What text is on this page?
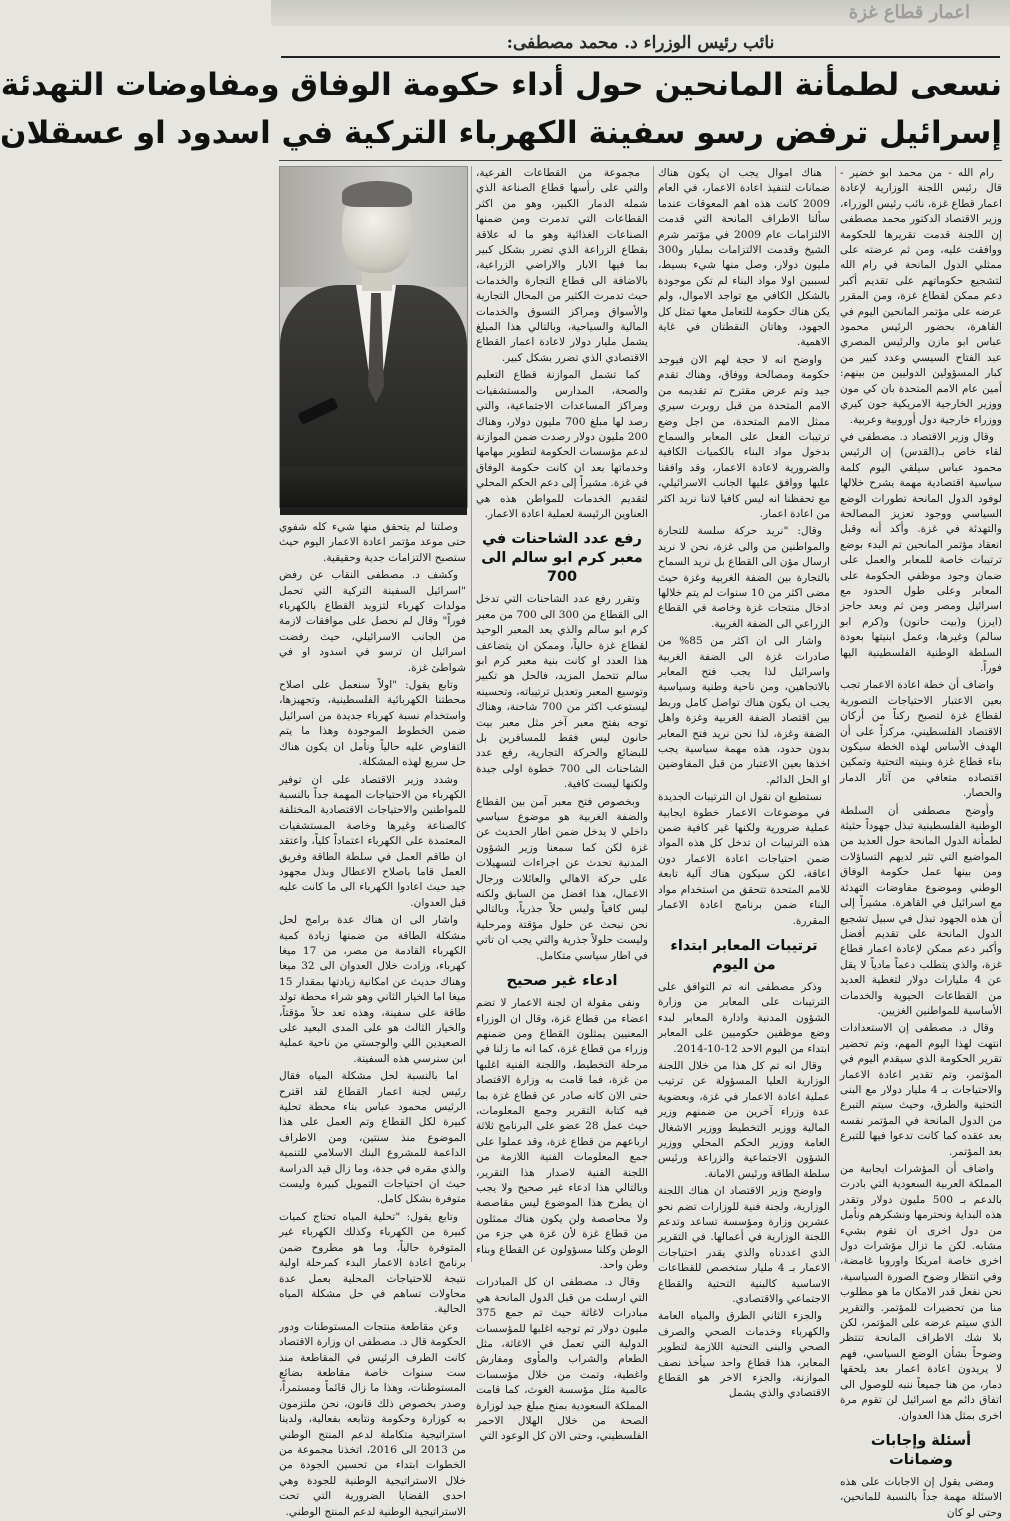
اعمار قطاع غزة
نائب رئيس الوزراء د. محمد مصطفى:
نسعى لطمأنة المانحين حول أداء حكومة الوفاق ومفاوضات التهدئة
إسرائيل ترفض رسو سفينة الكهرباء التركية في اسدود او عسقلان

رام الله - من محمد ابو خضير - قال رئيس اللجنة الوزارية لإعادة اعمار قطاع غزة، نائب رئيس الوزراء، وزير الاقتصاد الدكتور محمد مصطفى إن اللجنة قدمت تقريرها للحكومة ووافقت عليه، ومن ثم عرضته على ممثلي الدول المانحة في رام الله لتشجيع حكوماتهم على تقديم أكبر دعم ممكن لقطاع غزة، ومن المقرر عرضه على مؤتمر المانحين اليوم في القاهرة، بحضور الرئيس محمود عباس ابو مازن والرئيس المصري عبد الفتاح السيسي وعدد كبير من كبار المسؤولين الدوليين من بينهم: أمين عام الامم المتحدة بان كي مون ووزير الخارجية الامريكية جون كيري ووزراء خارجية دول أوروبية وعربية.

وقال وزير الاقتصاد د. مصطفى في لقاء خاص بـ(القدس) إن الرئيس محمود عباس سيلقي اليوم كلمة سياسية اقتصادية مهمة يشرح خلالها لوفود الدول المانحة تطورات الوضع السياسي ووجود تعزيز المصالحة والتهدئة في غزة. وأكد أنه وقبل انعقاد مؤتمر المانحين تم البدء بوضع ترتيبات خاصة للمعابر والعمل على ضمان وجود موظفي الحكومة على المعابر وعلى طول الحدود مع اسرائيل ومصر ومن ثم وبعد حاجز (ايرز) و(بيت حانون) و(كرم ابو سالم) وغيرها، وعمل ابنيتها بعودة السلطة الوطنية الفلسطينية اليها فوراً.

واضاف أن خطة اعادة الاعمار تجب بعين الاعتبار الاحتياجات التصورية لقطاع غزة لتصبح ركناً من أركان الاقتصاد الفلسطيني، مركزاً على أن الهدف الأساس لهذه الخطة سيكون بناء قطاع غزة وبنيته التحتية وتمكين اقتصاده متعافي من آثار الدمار والحصار.

وأوضح مصطفى أن السلطة الوطنية الفلسطينية تبذل جهوداً حثيثة لطمأنة الدول المانحة حول العديد من المواضيع التي تثير لديهم التساؤلات ومن بينها عمل حكومة الوفاق الوطني وموضوع مفاوضات التهدئة مع اسرائيل في القاهرة. مشيراً إلى أن هذه الجهود تبذل في سبيل تشجيع الدول المانحة على تقديم أفضل وأكبر دعم ممكن لإعادة اعمار قطاع غزة، والذي يتطلب دعماً مادياً لا يقل عن 4 مليارات دولار لتغطية العديد من القطاعات الحيوية والخدمات الأساسية للمواطنين الغزيين.

وقال د. مصطفى إن الاستعدادات انتهت لهذا اليوم المهم، وتم تحضير تقرير الحكومة الذي سيقدم اليوم في المؤتمر، وتم تقدير اعادة الاعمار والاحتياجات بـ 4 مليار دولار مع البنى التحتية والطرق، وحيث سيتم التبرع من الدول المانحة في المؤتمر نفسه بعد عقده كما كانت تدعوا فيها للتبرع بعد المؤتمر.

واضاف أن المؤشرات ايجابية من المملكة العربية السعودية التي بادرت بالدعم بـ 500 مليون دولار وتقدر هذه البداية ونحترمها ونشكرهم ونأمل من دول اخرى ان تقوم بشيء مشابه. لكن ما تزال مؤشرات دول اخرى خاصة امريكا واوروبا غامضة، وفي انتظار وضوح الصورة السياسية، نحن نفعل قدر الامكان ما هو مطلوب منا من تحضيرات للمؤتمر. والتقرير الذي سيتم عرضه على المؤتمر، لكن بلا شك الاطراف المانحة تنتظر وضوحاً بشأن الوضع السياسي، فهم لا يريدون اعادة اعمار بعد يلحقها دمار، من هنا جميعاً ننبه للوصول الى اتفاق دائم مع اسرائيل لن تقوم مرة اخرى بمثل هذا العدوان.

أسئلة وإجابات وضمانات

ومضى يقول إن الاجابات على هذه الاسئلة مهمة جداً بالنسبة للمانحين، وحتى لو كان

هناك اموال يجب ان يكون هناك ضمانات لتنفيذ اعادة الاعمار، في العام 2009 كانت هذه اهم المعوقات عندما سألنا الاطراف المانحة التي قدمت الالتزامات عام 2009 في مؤتمر شرم الشيخ وقدمت الالتزامات بمليار و300 مليون دولار، وصل منها شيء بسيط، لسببين اولا مواد البناء لم تكن موجودة بالشكل الكافي مع تواجد الاموال، ولم يكن هناك حكومة للتعامل معها تمثل كل الجهود، وهاتان النقطتان في غاية الاهمية.

واوضح انه لا حجة لهم الان فيوجد حكومة ومصالحة ووفاق، وهناك تقدم جيد وتم عرض مقترح تم تقديمه من الامم المتحدة من قبل روبرت سيري ممثل الامم المتحدة، من اجل وضع ترتيبات الفعل على المعابر والسماح بدخول مواد البناء بالكميات الكافية والضرورية لاعادة الاعمار، وقد وافقنا عليها ووافق عليها الجانب الاسرائيلي، مع تحفظنا انه ليس كافيا لاننا نريد اكثر من اعادة اعمار.

وقال: "نريد حركة سلسة للتجارة والمواطنين من والى غزة، نحن لا نريد ارسال مؤن الى القطاع بل نريد السماح بالتجارة بين الضفة الغربية وغزة حيث مضى اكثر من 10 سنوات لم يتم خلالها ادخال منتجات غزة وخاصة في القطاع الزراعي الى الضفة الغربية.

واشار الى ان اكثر من 85% من صادرات غزة الى الضفة الغربية واسرائيل لذا يجب فتح المعابر بالاتجاهين، ومن ناحية وطنية وسياسية يجب ان يكون هناك تواصل كامل وربط بين اقتصاد الضفة الغربية وغزة واهل الضفة وغزة، لذا نحن نريد فتح المعابر بدون حدود، هذه مهمة سياسية يجب اخذها بعين الاعتبار من قبل المفاوضين او الحل الدائم.

نستطيع ان نقول ان الترتيبات الجديدة في موضوعات الاعمار خطوة ايجابية عملية ضرورية ولكنها غير كافية ضمن هذه الترتيبات ان تدخل كل هذه المواد ضمن احتياجات اعادة الاعمار دون اعاقة، لكن سيكون هناك آلية تابعة للامم المتحدة تتحقق من استخدام مواد البناء ضمن برنامج اعادة الاعمار المقررة.

ترتيبات المعابر ابتداء من اليوم

وذكر مصطفى انه تم التوافق على الترتيبات على المعابر من وزارة الشؤون المدنية وادارة المعابر لبدء وضع موظفين حكوميين على المعابر ابتداء من اليوم الاحد 12-10-2014.

وقال انه تم كل هذا من خلال اللجنة الوزارية العليا المسؤولة عن ترتيب عملية اعادة الاعمار في غزة، وبعضوية عدة وزراء آخرين من ضمنهم وزير المالية ووزير التخطيط ووزير الاشغال العامة ووزير الحكم المحلي ووزير الشؤون الاجتماعية والزراعة ورئيس سلطة الطاقة ورئيس الامانة.

واوضح وزير الاقتصاد ان هناك اللجنة الوزارية، ولجنة فنية للوزارات تضم نحو عشرين وزارة ومؤسسة تساعد وتدعم اللجنة الوزارية في أعمالها. في التقرير الذي اعددناه والذي يقدر احتياجات الاعمار بـ 4 مليار ستخصص للقطاعات الاساسية كالبنية التحتية والقطاع الاجتماعي والاقتصادي.

والجزء الثاني الطرق والمياه العامة والكهرباء وخدمات الصحي والصرف الصحي والبنى التحتية اللازمة لتطوير المعابر، هذا قطاع واحد سيأخذ نصف الموازنة، والجزء الاخر هو القطاع الاقتصادي والذي يشمل

مجموعة من القطاعات الفرعية، والتي على رأسها قطاع الصناعة الذي شمله الدمار الكبير، وهو من اكثر القطاعات التي تدمرت ومن ضمنها الصناعات الغذائية وهو ما له علاقة بقطاع الزراعة الذي تضرر بشكل كبير بما فيها الابار والاراضي الزراعية، بالاضافة الى قطاع التجارة والخدمات حيث تدمرت الكثير من المحال التجارية والأسواق ومراكز التسوق والخدمات المالية والسياحية، وبالتالي هذا المبلغ يشمل مليار دولار لاعادة اعمار القطاع الاقتصادي الذي تضرر بشكل كبير.

كما تشمل الموازنة قطاع التعليم والصحة، المدارس والمستشفيات ومراكز المساعدات الاجتماعية، والتي رصد لها مبلغ 700 مليون دولار، وهناك 200 مليون دولار رصدت ضمن الموازنة لدعم مؤسسات الحكومة لتطوير مهامها وخدماتها بعد ان كانت حكومة الوفاق في غزة. مشيراً إلى دعم الحكم المحلي لتقديم الخدمات للمواطن هذه هي العناوين الرئيسة لعملية اعادة الاعمار.

رفع عدد الشاحنات في معبر كرم ابو سالم الى 700

وتقرر رفع عدد الشاحنات التي تدخل الى القطاع من 300 الى 700 من معبر كرم ابو سالم والذي يعد المعبر الوحيد لقطاع غزة حالياً، وممكن ان يتضاعف هذا العدد او كانت بنية معبر كرم ابو سالم تتحمل المزيد، فالحل هو تكبير وتوسيع المعبر وتعديل ترتيباته، وتحسينه ليستوعب اكثر من 700 شاحنة، وهناك توجه بفتح معبر آخر مثل معبر بيت حانون ليس فقط للمسافرين بل للبضائع والحركة التجارية، رفع عدد الشاحنات الى 700 خطوة اولى جيدة ولكنها ليست كافية.

وبخصوص فتح معبر آمن بين القطاع والضفة الغربية هو موضوع سياسي داخلي لا يدخل ضمن اطار الحديث عن غزة لكن كما سمعنا وزير الشؤون المدنية تحدث عن اجراءات لتسهيلات على حركة الاهالي والعائلات ورجال الاعمال، هذا افضل من السابق ولكنه ليس كافياً وليس حلاً جذرياً، وبالتالي نحن نبحث عن حلول مؤقتة ومرحلية وليست حلولاً جذرية والتي يجب ان تاتي في اطار سياسي متكامل.

ادعاء غير صحيح

ونفى مقولة ان لجنة الاعمار لا تضم اعضاء من قطاع غزة، وقال ان الوزراء المعنيين يمثلون القطاع ومن ضمنهم وزراء من قطاع غزة، كما انه ما زلنا في مرحلة التخطيط، واللجنة الفنية اغلبها من غزة، فما قامت به وزارة الاقتصاد حتى الان كانه صادر عن قطاع غزة بما فيه كتابة التقرير وجمع المعلومات، حيث عمل 28 عضو على البرنامج ثلاثة ارباعهم من قطاع غزة، وقد عملوا على جمع المعلومات الفنية اللازمة من اللجنة الفنية لاصدار هذا التقرير، وبالتالي هذا ادعاء غير صحيح ولا يجب ان يطرح هذا الموضوع ليس مقاصصة ولا محاصصة ولن يكون هناك ممثلون من قطاع غزة لأن غزة هي جزء من الوطن وكلنا مسؤولون عن القطاع وبناء وطن واحد.

وقال د. مصطفى ان كل المبادرات التي ارسلت من قبل الدول المانحة هي مبادرات لاغاثة حيث تم جمع 375 مليون دولار تم توجيه اغلبها للمؤسسات الدولية التي تعمل في الاغاثة، مثل الطعام والشراب والمأوى ومفارش واغطية، وتمت من خلال مؤسسات عالمية مثل مؤسسة الغوث، كما قامت المملكة السعودية بمنح مبلغ جيد لوزارة الصحة من خلال الهلال الاحمر الفلسطيني، وحتى الان كل الوعود التي

وصلتنا لم يتحقق منها شيء كله شفوي حتى موعد مؤتمر اعادة الاعمار اليوم حيث ستصبح الالتزامات جدية وحقيقية.

وكشف د. مصطفى النقاب عن رفض "اسرائيل السفينة التركية التي تحمل مولدات كهرباء لتزويد القطاع بالكهرباء فوراً" وقال لم نحصل على موافقات لازمة من الجانب الاسرائيلي، حيث رفضت اسرائيل ان ترسو في اسدود او في شواطئ غزة.

وتابع يقول: "اولاً سنعمل على اصلاح محطتنا الكهربائية الفلسطينية، وتجهيزها، واستخدام نسبة كهرباء جديدة من اسرائيل ضمن الخطوط الموجودة وهذا ما يتم التفاوض عليه حالياً ونأمل ان يكون هناك حل سريع لهذه المشكلة.

وشدد وزير الاقتصاد على ان توفير الكهرباء من الاحتياجات المهمة جداً بالنسبة للمواطنين والاحتياجات الاقتصادية المختلفة كالصناعة وغيرها وخاصة المستشفيات المعتمدة على الكهرباء اعتماداً كلياً، واعتقد ان طاقم العمل في سلطة الطاقة وفريق العمل قاما باصلاح الاعطال وبذل مجهود جيد حيث اعادوا الكهرباء الى ما كانت عليه قبل العدوان.

واشار الى ان هناك عدة برامج لحل مشكلة الطاقة من ضمنها زيادة كمية الكهرباء القادمة من مصر، من 17 ميغا كهرباء، وزادت خلال العدوان الى 32 ميغا وهناك حديث عن امكانية زيادتها بمقدار 15 ميغا اما الخيار الثاني وهو شراء محطة تولد طاقة على سفينة، وهذه تعد حلاً مؤقتاً، والخيار الثالث هو على المدى البعيد على الصعيدين اللي والوجستي من ناحية عملية ابن سنرسي هذه السفينة.

اما بالنسبة لحل مشكلة المياه فقال رئيس لجنة اعمار القطاع لقد اقترح الرئيس محمود عباس بناء محطة تحلية كبيرة لكل القطاع وتم العمل على هذا الموضوع منذ سنتين، ومن الاطراف الداعمة للمشروع البنك الاسلامي للتنمية والذي مقره في جدة، وما زال قيد الدراسة حيث ان احتياجات التمويل كبيرة وليست متوفرة بشكل كامل.

وتابع يقول: "تحلية المياه تحتاج كميات كبيرة من الكهرباء وكذلك الكهرباء غير المتوفرة حالياً، وما هو مطروح ضمن برنامج اعادة الاعمار البدء كمرحلة اولية نتيجة للاحتياجات المحلية بعمل عدة محاولات تساهم في حل مشكلة المياه الحالية.

وعن مقاطعة منتجات المستوطنات ودور الحكومة قال د. مصطفى ان وزارة الاقتصاد كانت الطرف الرئيس في المقاطعة منذ ست سنوات خاصة مقاطعة بضائع المستوطنات، وهذا ما زال قائماً ومستمراً، وصدر بخصوص ذلك قانون، نحن ملتزمون به كوزارة وحكومة ونتابعه بفعالية، ولدينا استراتيجية متكاملة لدعم المنتج الوطني من 2013 الى 2016، اتخذنا مجموعة من الخطوات ابتداء من تحسين الجودة من خلال الاستراتيجية الوطنية للجودة وهي احدى القضايا الضرورية التي تحت الاستراتيجية الوطنية لدعم المنتج الوطني.
